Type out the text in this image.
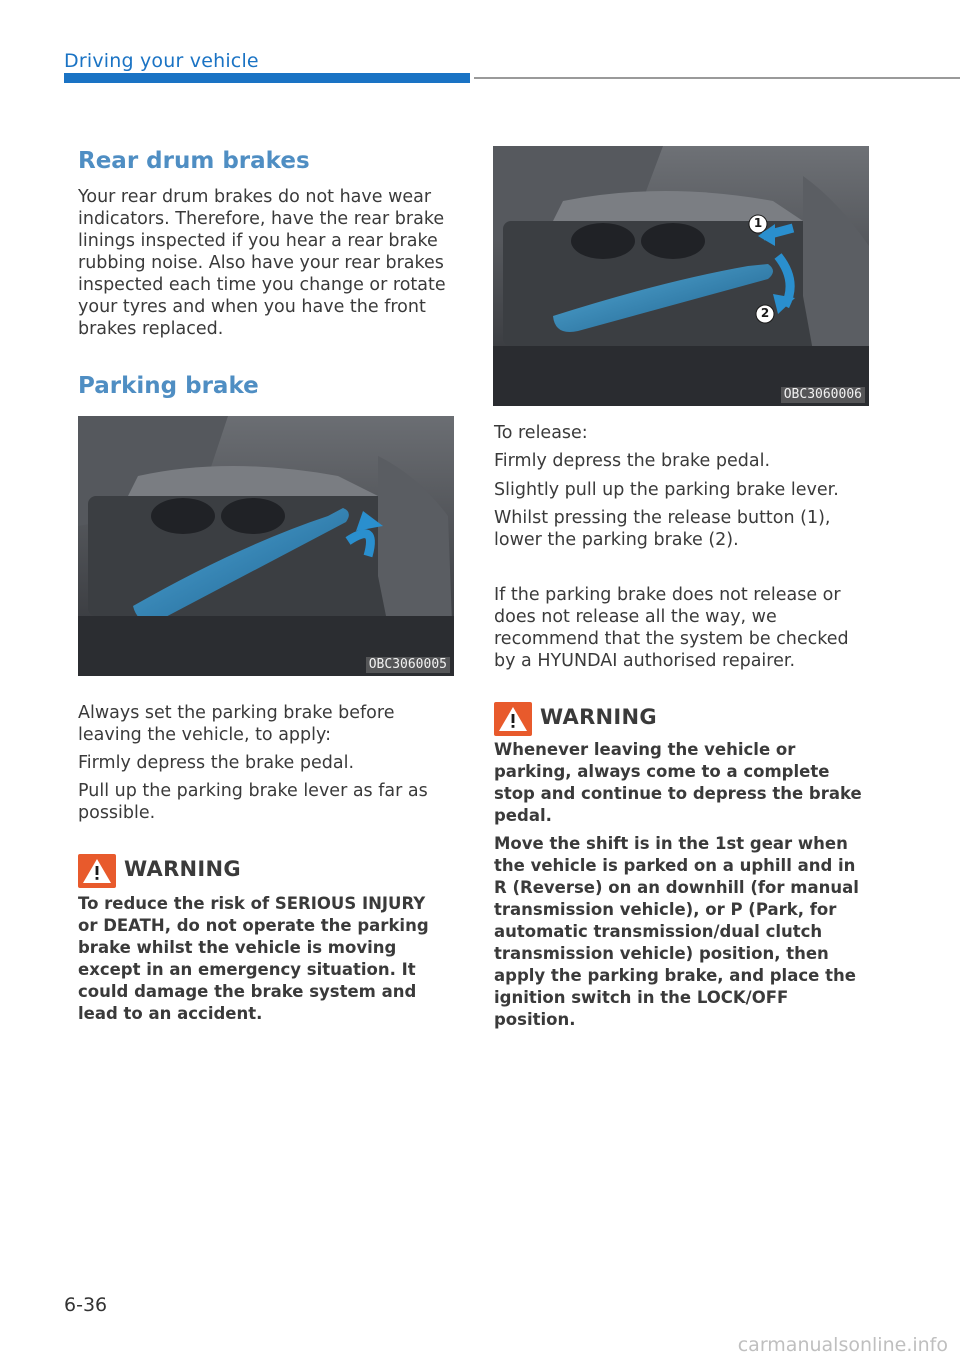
Driving your vehicle
Rear drum brakes

Your rear drum brakes do not have wear indicators. Therefore, have the rear brake linings inspected if you hear a rear brake rubbing noise. Also have your rear brakes inspected each time you change or rotate your tyres and when you have the front brakes replaced.

Parking brake
OBC3060005

Always set the parking brake before leaving the vehicle, to apply:

Firmly depress the brake pedal.

Pull up the parking brake lever as far as possible.

WARNING

To reduce the risk of SERIOUS INJURY or DEATH, do not operate the parking brake whilst the vehicle is moving except in an emergency situation. It could damage the brake system and lead to an accident.

1
2
OBC3060006

To release:

Firmly depress the brake pedal.

Slightly pull up the parking brake lever.

Whilst pressing the release button (1), lower the parking brake (2).

If the parking brake does not release or does not release all the way, we recommend that the system be checked by a HYUNDAI authorised repairer.

WARNING

Whenever leaving the vehicle or parking, always come to a complete stop and continue to depress the brake pedal.

Move the shift is in the 1st gear when the vehicle is parked on a uphill and in R (Reverse) on an downhill (for manual transmission vehicle), or P (Park, for automatic transmission/dual clutch transmission vehicle) position, then apply the parking brake, and place the ignition switch in the LOCK/OFF position.

6-36
carmanualsonline.info
